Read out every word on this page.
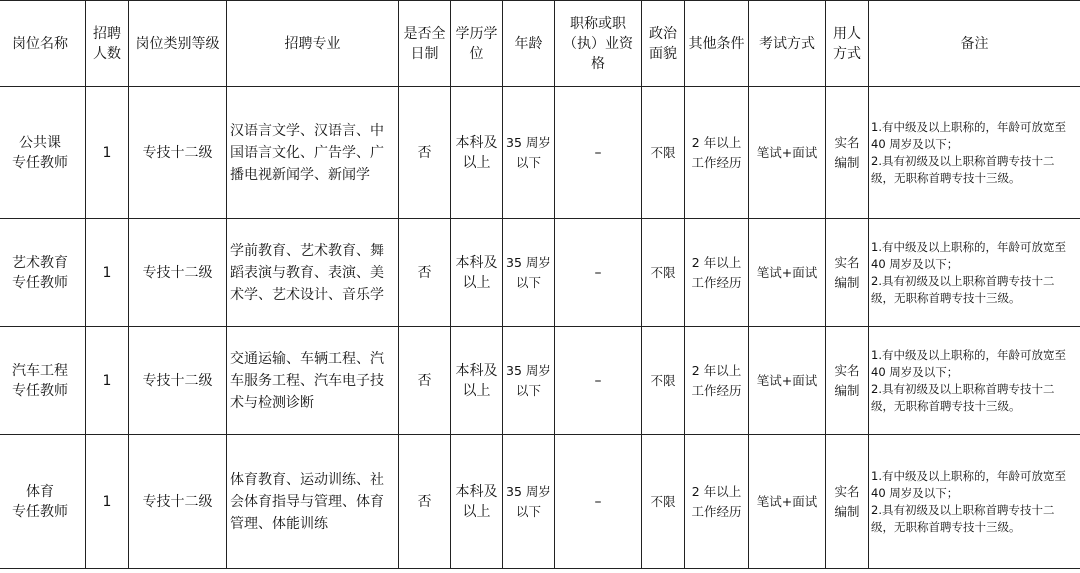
岗位名称	招聘人数	岗位类别等级	招聘专业	是否全日制	学历学位	年龄	职称或职（执）业资格	政治面貌	其他条件	考试方式	用人方式	备注

公共课
专任教师	1	专技十二级	汉语言文学、汉语言、中国语言文化、广告学、广播电视新闻学、新闻学	否	本科及以上	35 周岁以下	–	不限	2 年以上工作经历	笔试+面试	实名编制	1.有中级及以上职称的，年龄可放宽至 40 周岁及以下；
2.具有初级及以上职称首聘专技十二级，无职称首聘专技十三级。

艺术教育
专任教师	1	专技十二级	学前教育、艺术教育、舞蹈表演与教育、表演、美术学、艺术设计、音乐学	否	本科及以上	35 周岁以下	–	不限	2 年以上工作经历	笔试+面试	实名编制	1.有中级及以上职称的，年龄可放宽至 40 周岁及以下；
2.具有初级及以上职称首聘专技十二级，无职称首聘专技十三级。

汽车工程
专任教师	1	专技十二级	交通运输、车辆工程、汽车服务工程、汽车电子技术与检测诊断	否	本科及以上	35 周岁以下	–	不限	2 年以上工作经历	笔试+面试	实名编制	1.有中级及以上职称的，年龄可放宽至 40 周岁及以下；
2.具有初级及以上职称首聘专技十二级，无职称首聘专技十三级。

体育
专任教师	1	专技十二级	体育教育、运动训练、社会体育指导与管理、体育管理、体能训练	否	本科及以上	35 周岁以下	–	不限	2 年以上工作经历	笔试+面试	实名编制	1.有中级及以上职称的，年龄可放宽至 40 周岁及以下；
2.具有初级及以上职称首聘专技十二级，无职称首聘专技十三级。
